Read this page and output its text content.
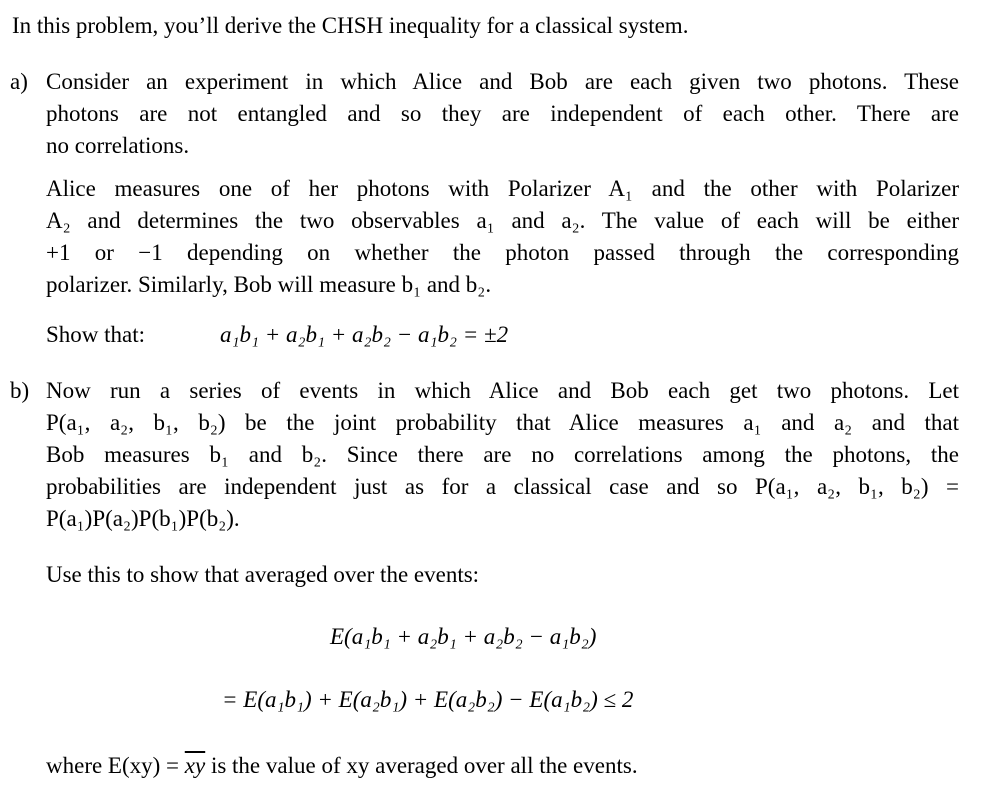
In this problem, you’ll derive the CHSH inequality for a classical system.
a) Consider an experiment in which Alice and Bob are each given two photons. These
photons are not entangled and so they are independent of each other. There are
no correlations.
Alice measures one of her photons with Polarizer A₁ and the other with Polarizer
A₂ and determines the two observables a₁ and a₂. The value of each will be either
+1 or −1 depending on whether the photon passed through the corresponding
polarizer. Similarly, Bob will measure b₁ and b₂.
Show that:	a₁b₁ + a₂b₁ + a₂b₂ − a₁b₂ = ±2
b) Now run a series of events in which Alice and Bob each get two photons. Let
P(a₁, a₂, b₁, b₂) be the joint probability that Alice measures a₁ and a₂ and that
Bob measures b₁ and b₂. Since there are no correlations among the photons, the
probabilities are independent just as for a classical case and so P(a₁, a₂, b₁, b₂) =
P(a₁)P(a₂)P(b₁)P(b₂).
Use this to show that averaged over the events:
E(a₁b₁ + a₂b₁ + a₂b₂ − a₁b₂)
= E(a₁b₁) + E(a₂b₁) + E(a₂b₂) − E(a₁b₂) ≤ 2
where $E(xy) = \overline{xy}$ is the value of xy averaged over all the events.
